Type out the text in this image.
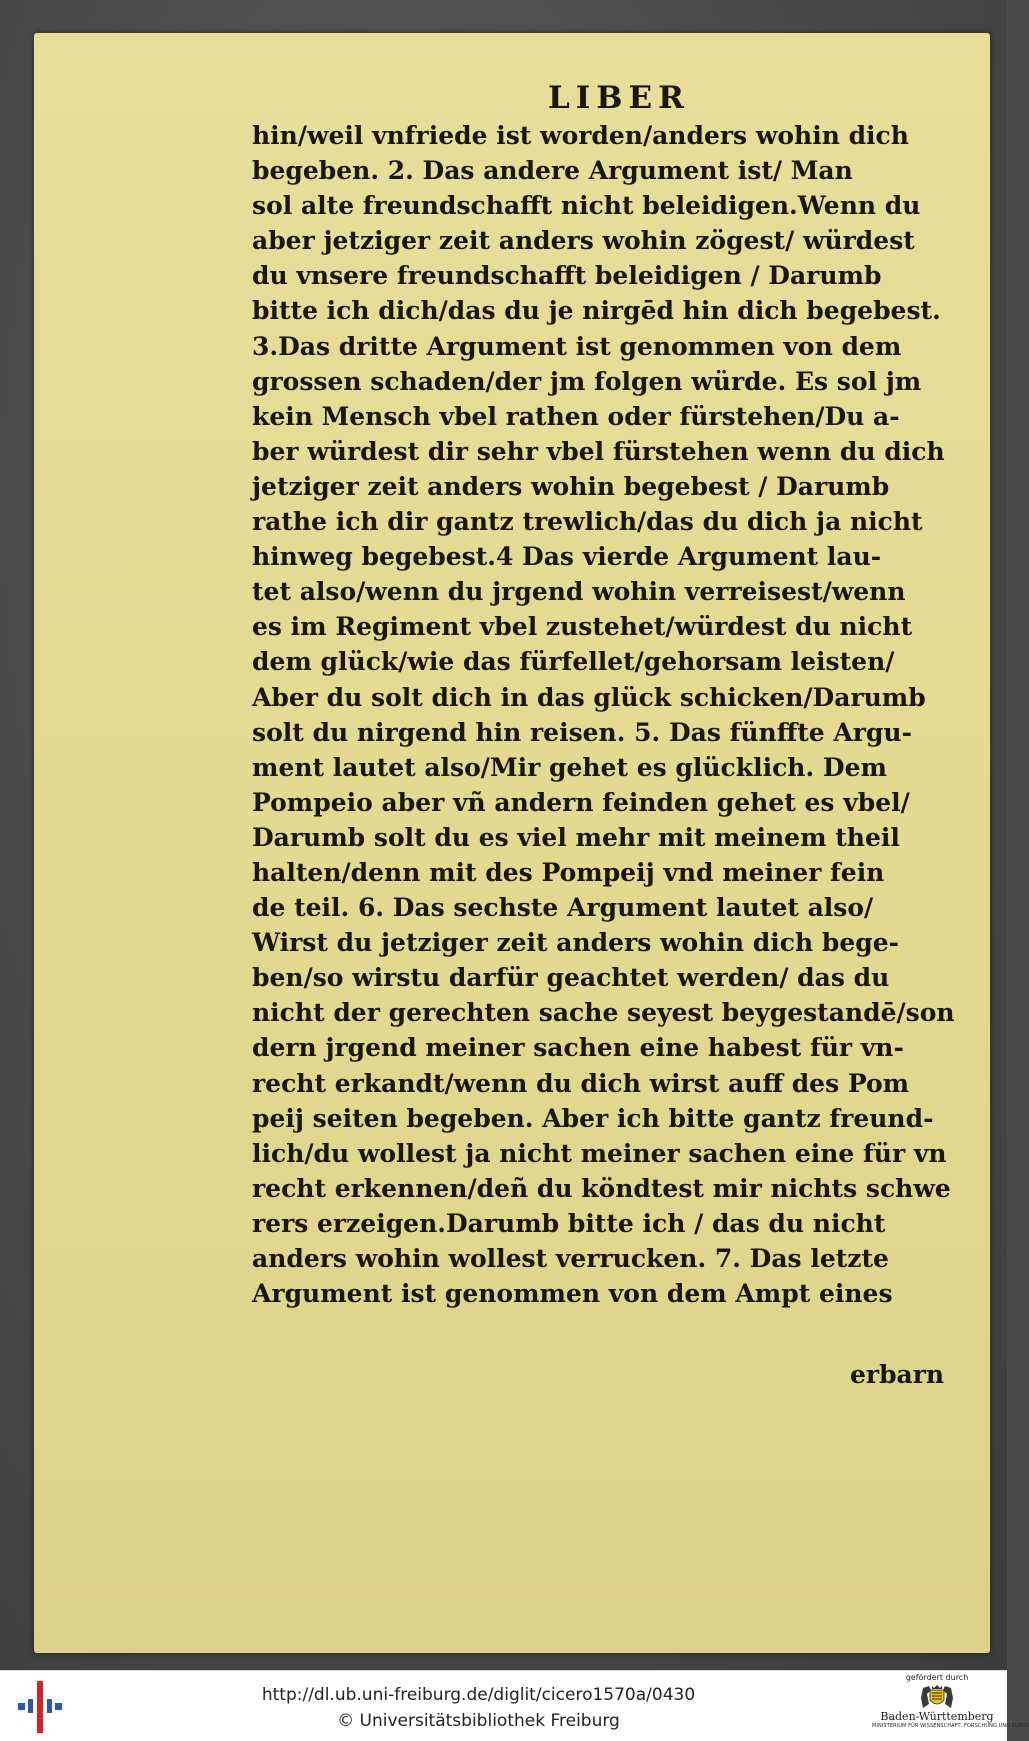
LIBER
hin/weil vnfriede ist worden/anders wohin dich
begeben. 2. Das andere Argument ist/ Man
sol alte freundschafft nicht beleidigen.Wenn du
aber jetziger zeit anders wohin zögest/ würdest
du vnsere freundschafft beleidigen / Darumb
bitte ich dich/das du je nirgēd hin dich begebest.
3.Das dritte Argument ist genommen von dem
grossen schaden/der jm folgen würde. Es sol jm
kein Mensch vbel rathen oder fürstehen/Du a-
ber würdest dir sehr vbel fürstehen wenn du dich
jetziger zeit anders wohin begebest / Darumb
rathe ich dir gantz trewlich/das du dich ja nicht
hinweg begebest.4 Das vierde Argument lau-
tet also/wenn du jrgend wohin verreisest/wenn
es im Regiment vbel zustehet/würdest du nicht
dem glück/wie das fürfellet/gehorsam leisten/
Aber du solt dich in das glück schicken/Darumb
solt du nirgend hin reisen. 5. Das fünffte Argu-
ment lautet also/Mir gehet es glücklich. Dem
Pompeio aber vñ andern feinden gehet es vbel/
Darumb solt du es viel mehr mit meinem theil
halten/denn mit des Pompeij vnd meiner fein
de teil. 6. Das sechste Argument lautet also/
Wirst du jetziger zeit anders wohin dich bege-
ben/so wirstu darfür geachtet werden/ das du
nicht der gerechten sache seyest beygestandē/son
dern jrgend meiner sachen eine habest für vn-
recht erkandt/wenn du dich wirst auff des Pom
peij seiten begeben. Aber ich bitte gantz freund-
lich/du wollest ja nicht meiner sachen eine für vn
recht erkennen/deñ du köndtest mir nichts schwe
rers erzeigen.Darumb bitte ich / das du nicht
anders wohin wollest verrucken. 7. Das letzte
Argument ist genommen von dem Ampt eines
erbarn
http://dl.ub.uni-freiburg.de/diglit/cicero1570a/0430
© Universitätsbibliothek Freiburg
gefördert durch
Baden-Württemberg
MINISTERIUM FÜR WISSENSCHAFT, FORSCHUNG UND KUNST
